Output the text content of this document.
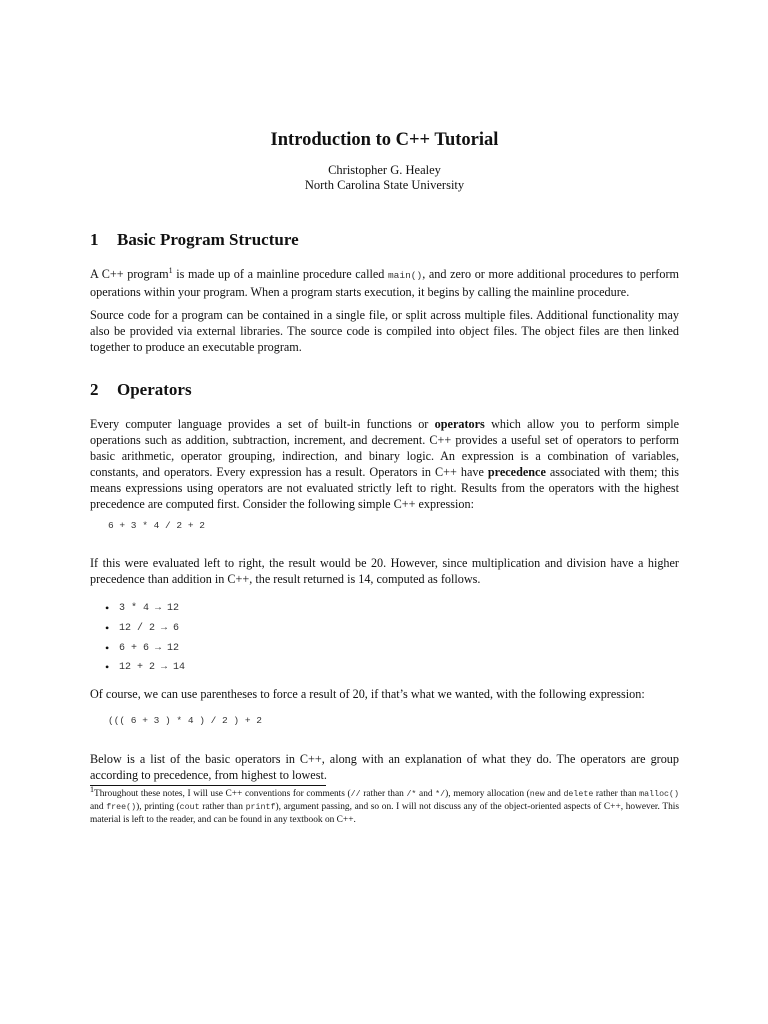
Introduction to C++ Tutorial
Christopher G. Healey
North Carolina State University
1 Basic Program Structure

A C++ program$^1$ is made up of a mainline procedure called main(), and zero or more additional procedures to perform operations within your program. When a program starts execution, it begins by calling the mainline procedure.

Source code for a program can be contained in a single file, or split across multiple files. Additional functionality may also be provided via external libraries. The source code is compiled into object files. The object files are then linked together to produce an executable program.

2 Operators

Every computer language provides a set of built-in functions or operators which allow you to perform simple operations such as addition, subtraction, increment, and decrement. C++ provides a useful set of operators to perform basic arithmetic, operator grouping, indirection, and binary logic. An expression is a combination of variables, constants, and operators. Every expression has a result. Operators in C++ have precedence associated with them; this means expressions using operators are not evaluated strictly left to right. Results from the operators with the highest precedence are computed first. Consider the following simple C++ expression:

6 + 3 * 4 / 2 + 2

If this were evaluated left to right, the result would be 20. However, since multiplication and division have a higher precedence than addition in C++, the result returned is 14, computed as follows.

• 3 * 4 → 12
• 12 / 2 → 6
• 6 + 6 → 12
• 12 + 2 → 14

Of course, we can use parentheses to force a result of 20, if that’s what we wanted, with the following expression:

((( 6 + 3 ) * 4 ) / 2 ) + 2

Below is a list of the basic operators in C++, along with an explanation of what they do. The operators are group according to precedence, from highest to lowest.

$^1$Throughout these notes, I will use C++ conventions for comments (// rather than /* and */), memory allocation (new and delete rather than malloc() and free()), printing (cout rather than printf), argument passing, and so on. I will not discuss any of the object-oriented aspects of C++, however. This material is left to the reader, and can be found in any textbook on C++.
